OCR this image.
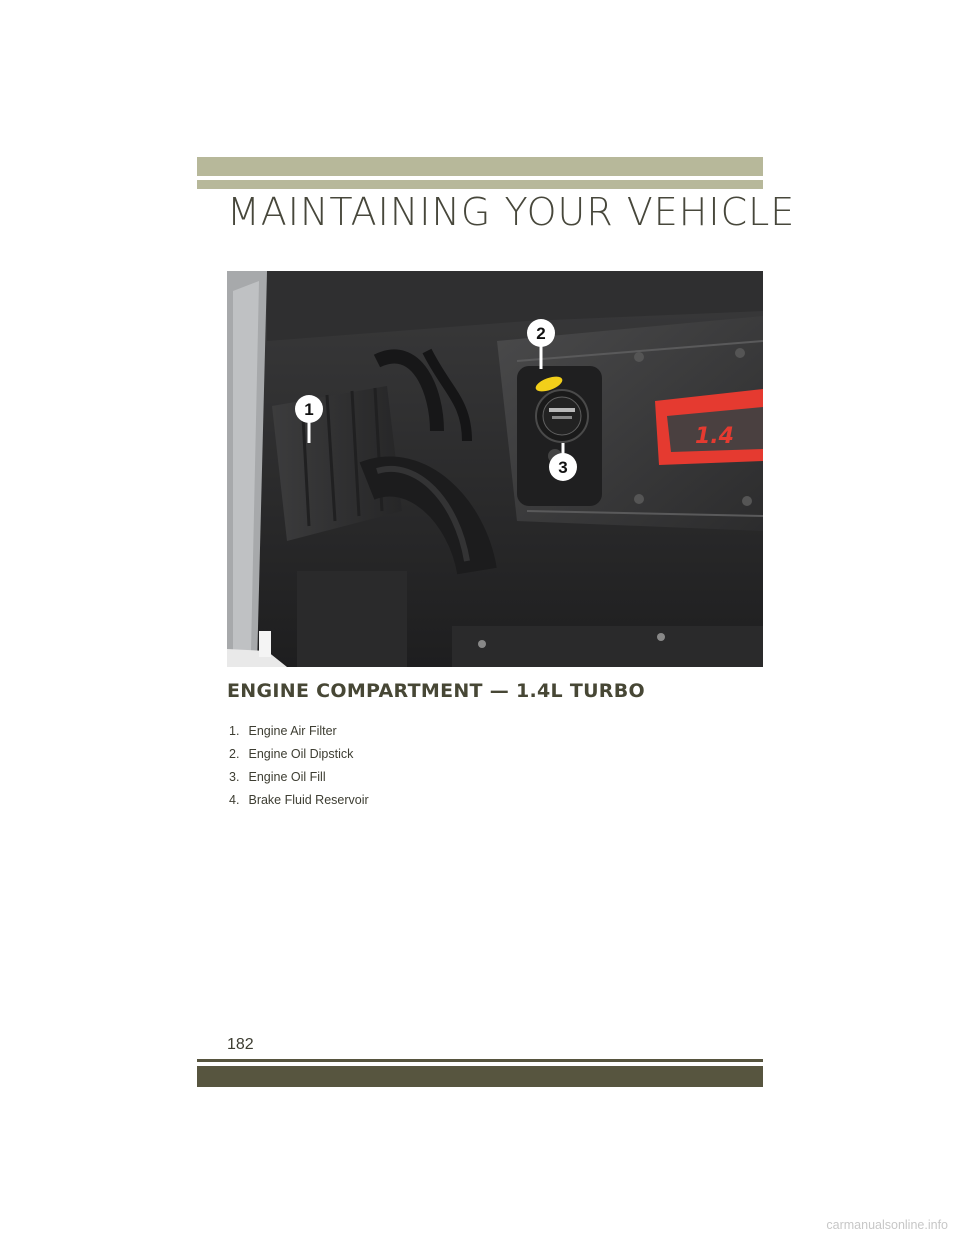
MAINTAINING YOUR VEHICLE
1.4
1
2
3
ENGINE COMPARTMENT — 1.4L TURBO
1. Engine Air Filter
2. Engine Oil Dipstick
3. Engine Oil Fill
4. Brake Fluid Reservoir
182
carmanualsonline.info
